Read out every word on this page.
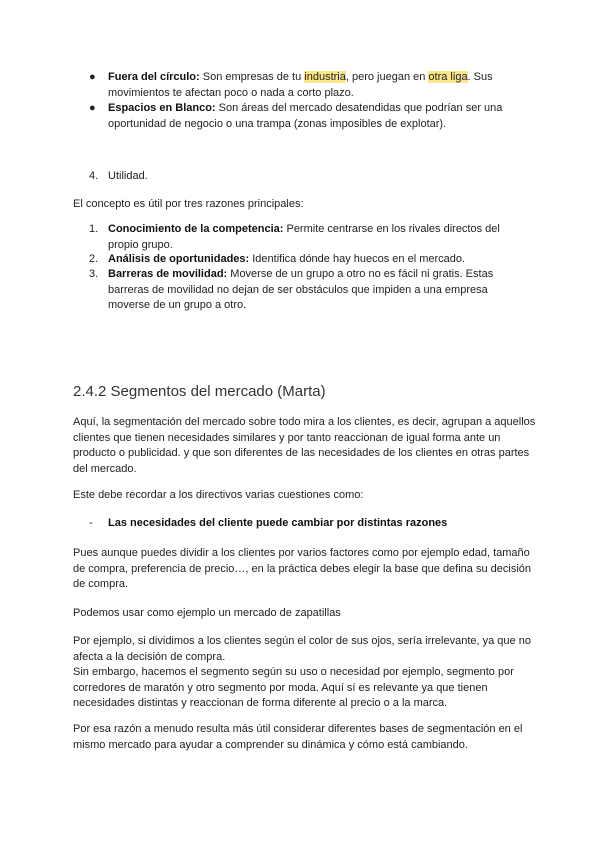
● Fuera del círculo: Son empresas de tu industria, pero juegan en otra liga. Sus movimientos te afectan poco o nada a corto plazo.

● Espacios en Blanco: Son áreas del mercado desatendidas que podrían ser una oportunidad de negocio o una trampa (zonas imposibles de explotar).

4. Utilidad.

El concepto es útil por tres razones principales:

1. Conocimiento de la competencia: Permite centrarse en los rivales directos del propio grupo.

2. Análisis de oportunidades: Identifica dónde hay huecos en el mercado.

3. Barreras de movilidad: Moverse de un grupo a otro no es fácil ni gratis. Estas barreras de movilidad no dejan de ser obstáculos que impiden a una empresa moverse de un grupo a otro.

2.4.2 Segmentos del mercado (Marta)

Aquí, la segmentación del mercado sobre todo mira a los clientes, es decir, agrupan a aquellos clientes que tienen necesidades similares y por tanto reaccionan de igual forma ante un producto o publicidad. y que son diferentes de las necesidades de los clientes en otras partes del mercado.

Este debe recordar a los directivos varias cuestiones como:

- Las necesidades del cliente puede cambiar por distintas razones

Pues aunque puedes dividir a los clientes por varios factores como por ejemplo edad, tamaño de compra, preferencia de precio…, en la práctica debes elegir la base que defina su decisión de compra.

Podemos usar como ejemplo un mercado de zapatillas

Por ejemplo, si dividimos a los clientes según el color de sus ojos, sería irrelevante, ya que no afecta a la decisión de compra.

Sin embargo, hacemos el segmento según su uso o necesidad por ejemplo, segmento por corredores de maratón y otro segmento por moda. Aquí sí es relevante ya que tienen necesidades distintas y reaccionan de forma diferente al precio o a la marca.

Por esa razón a menudo resulta más útil considerar diferentes bases de segmentación en el mismo mercado para ayudar a comprender su dinámica y cómo está cambiando.
